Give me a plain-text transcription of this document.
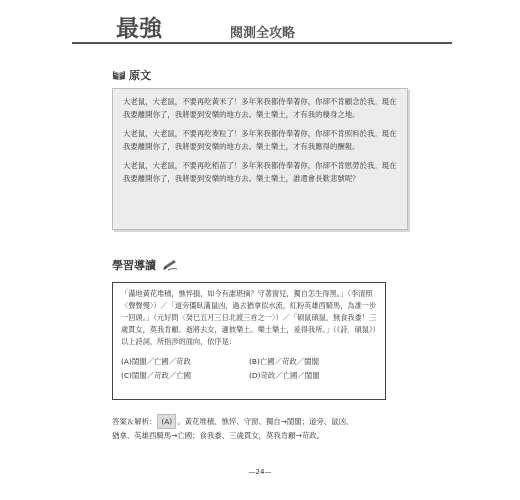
最強	閱測全攻略
原文

大老鼠，大老鼠，不要再吃黃米了！多年來我都侍奉著你，你卻不肯顧念於我。現在我要離開你了，我將要到安樂的地方去。樂土樂土，才有我的棲身之地。

大老鼠，大老鼠，不要再吃麥粒了！多年來我都侍奉著你，你卻不肯照料於我。現在我要離開你了，我將要到安樂的地方去。樂土樂土，才有我應得的酬報。

大老鼠，大老鼠，不要再吃稻苗了！多年來我都侍奉著你，你卻不肯慰勞於我。現在我要離開你了，我將要到安樂的地方去。樂土樂土，誰還會長歎悲號呢？

學習導讀

「滿地黃花堆積，憔悴損，如今有誰堪摘？守著窗兒，獨自怎生得黑。」（李清照〈聲聲慢〉）／「道旁僵臥滿鼠凶，過去猶拿似水流，紅粉英雄西騎馬，為誰一步一回頭。」（元好問〈癸巳五月三日北渡三首之一〉）／「碩鼠碩鼠，無食我黍！三歲貫女，莫我肯顧。逝將去女，適彼樂土。樂土樂土，爰得我所。」（《詩．碩鼠》）以上詩詞，所指涉的面向，依序是：

(A)閨閣／亡國／苛政	(B)亡國／苛政／閨閣
(C)閨閣／苛政／亡國	(D)苛政／亡國／閨閣
答案＆解析： (A) 。黃花堆積、憔悴、守窗、獨自→閨閣；道旁、鼠凶、
猶拿、英雄西騎馬→亡國；食我黍、三歲貫女，莫我肯顧→苛政。
—24—
